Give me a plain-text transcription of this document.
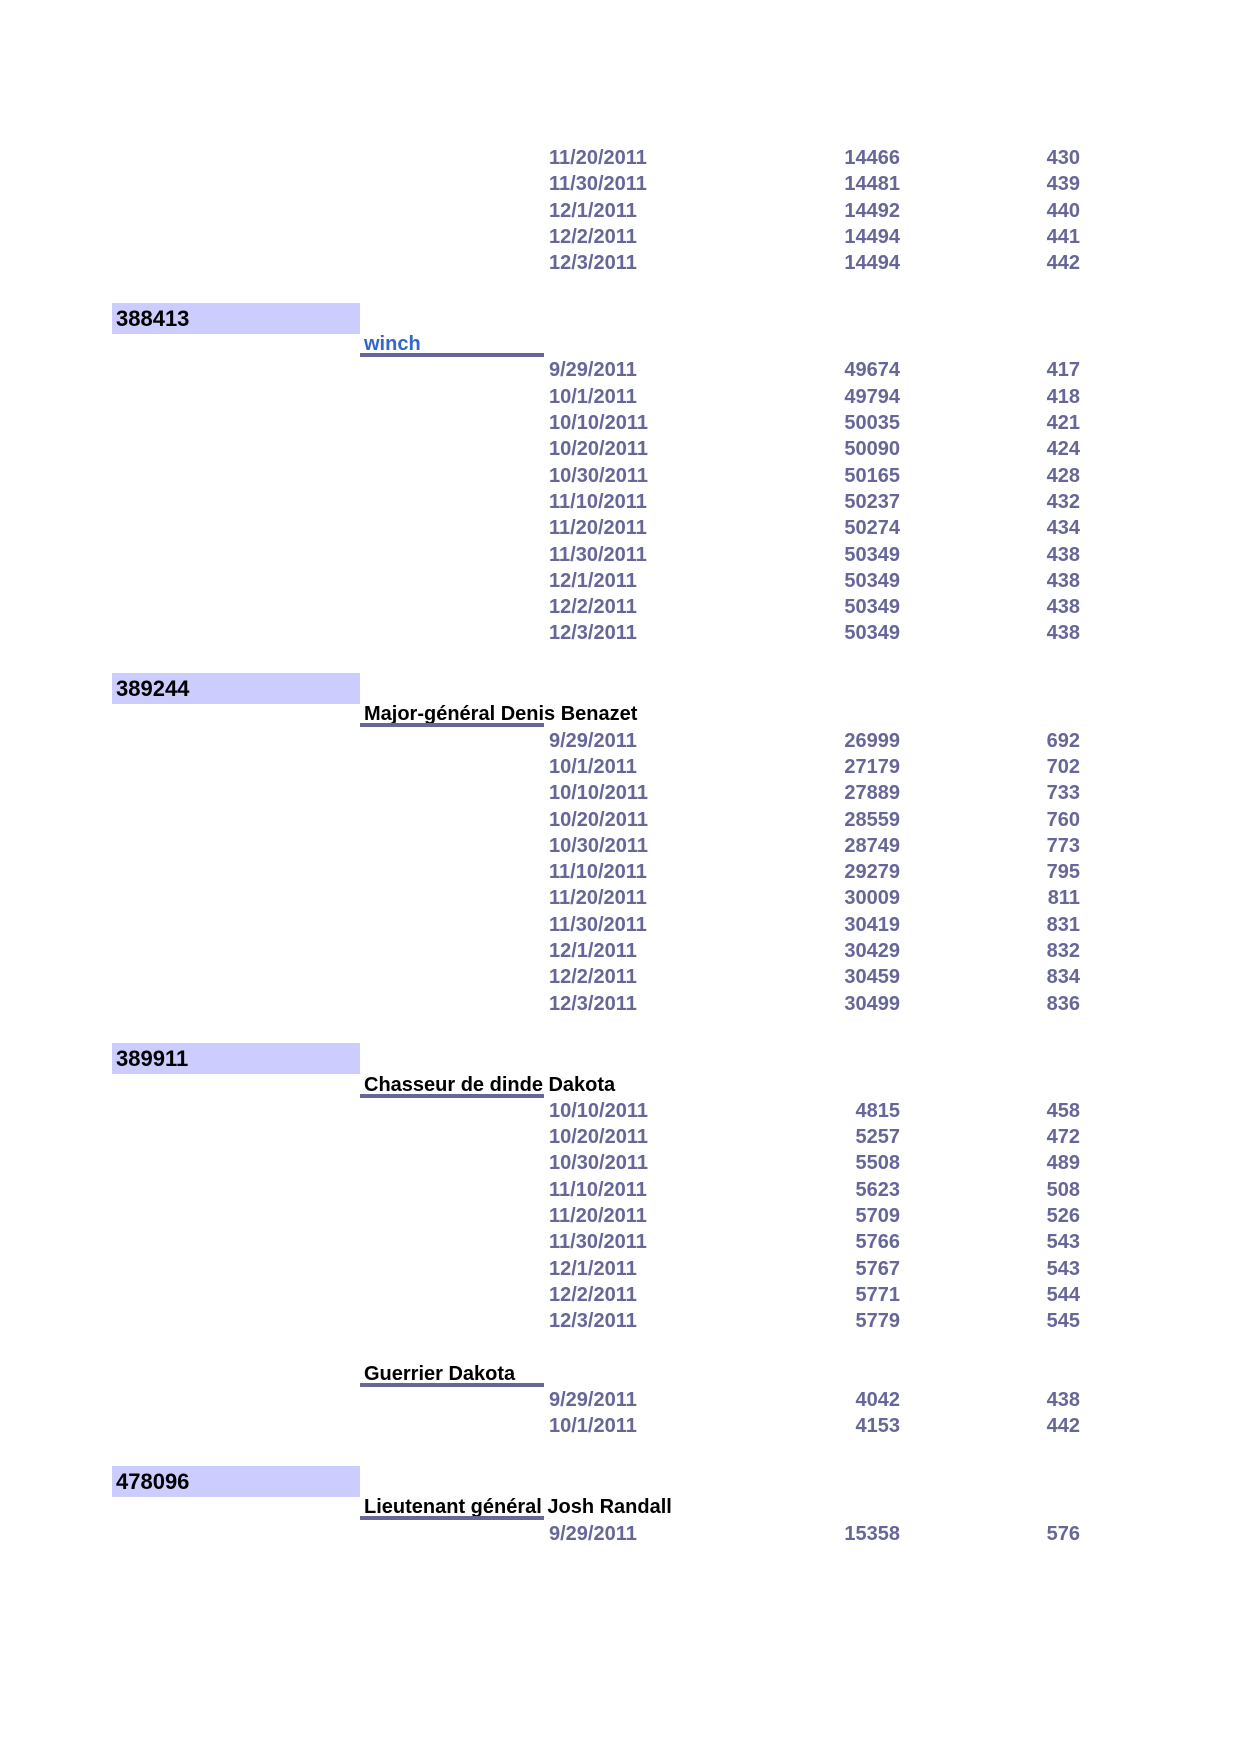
11/20/2011	14466	430
11/30/2011	14481	439
12/1/2011	14492	440
12/2/2011	14494	441
12/3/2011	14494	442
388413
winch
9/29/2011	49674	417
10/1/2011	49794	418
10/10/2011	50035	421
10/20/2011	50090	424
10/30/2011	50165	428
11/10/2011	50237	432
11/20/2011	50274	434
11/30/2011	50349	438
12/1/2011	50349	438
12/2/2011	50349	438
12/3/2011	50349	438
389244
Major-général Denis Benazet
9/29/2011	26999	692
10/1/2011	27179	702
10/10/2011	27889	733
10/20/2011	28559	760
10/30/2011	28749	773
11/10/2011	29279	795
11/20/2011	30009	811
11/30/2011	30419	831
12/1/2011	30429	832
12/2/2011	30459	834
12/3/2011	30499	836
389911
Chasseur de dinde Dakota
10/10/2011	4815	458
10/20/2011	5257	472
10/30/2011	5508	489
11/10/2011	5623	508
11/20/2011	5709	526
11/30/2011	5766	543
12/1/2011	5767	543
12/2/2011	5771	544
12/3/2011	5779	545
Guerrier Dakota
9/29/2011	4042	438
10/1/2011	4153	442
478096
Lieutenant général Josh Randall
9/29/2011	15358	576
